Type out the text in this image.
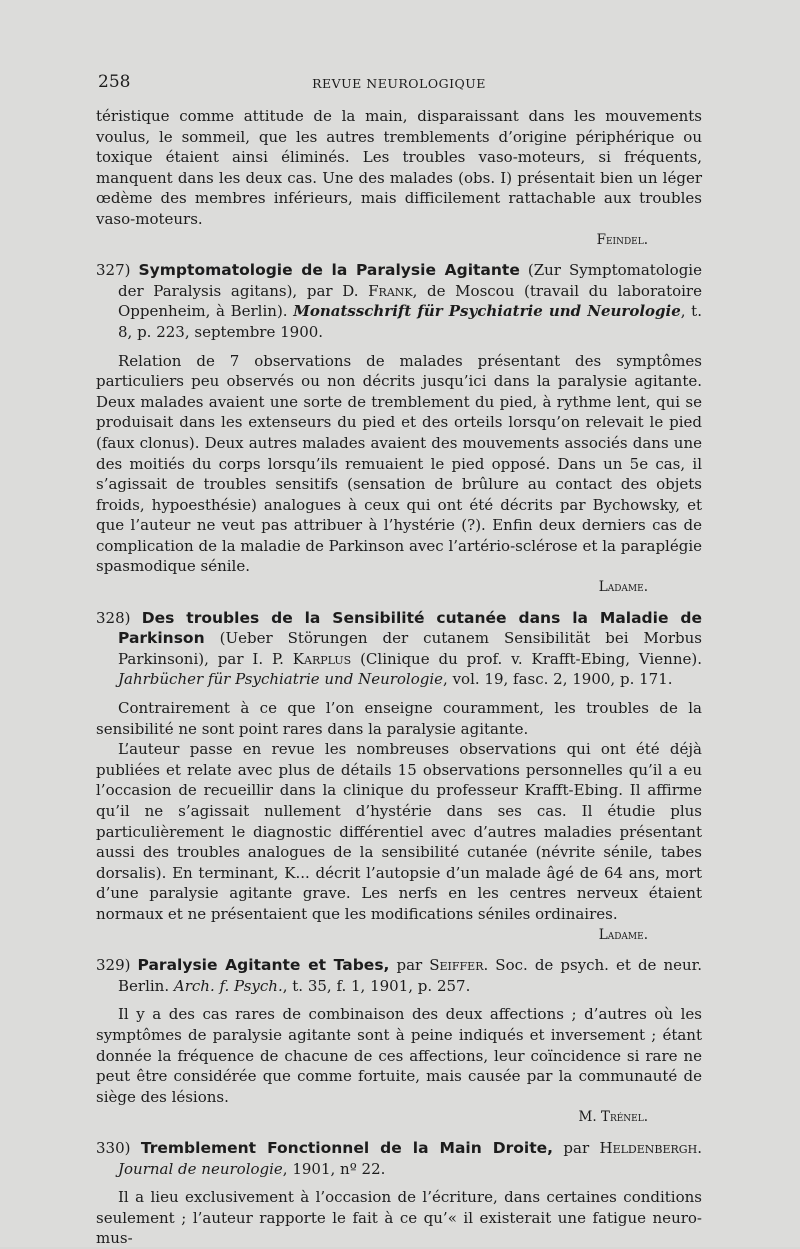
258	REVUE NEUROLOGIQUE

téristique comme attitude de la main, disparaissant dans les mouvements voulus, le sommeil, que les autres tremblements d’origine périphérique ou toxique étaient ainsi éliminés. Les troubles vaso-moteurs, si fréquents, manquent dans les deux cas. Une des malades (obs. I) présentait bien un léger œdème des membres inférieurs, mais difficilement rattachable aux troubles vaso-moteurs.

Feindel.

327) Symptomatologie de la Paralysie Agitante (Zur Symptomatologie der Paralysis agitans), par D. Frank, de Moscou (travail du laboratoire Oppenheim, à Berlin). Monatsschrift für Psychiatrie und Neurologie, t. 8, p. 223, septembre 1900.

Relation de 7 observations de malades présentant des symptômes particuliers peu observés ou non décrits jusqu’ici dans la paralysie agitante. Deux malades avaient une sorte de tremblement du pied, à rythme lent, qui se produisait dans les extenseurs du pied et des orteils lorsqu’on relevait le pied (faux clonus). Deux autres malades avaient des mouvements associés dans une des moitiés du corps lorsqu’ils remuaient le pied opposé. Dans un 5e cas, il s’agissait de troubles sensitifs (sensation de brûlure au contact des objets froids, hypoesthésie) analogues à ceux qui ont été décrits par Bychowsky, et que l’auteur ne veut pas attribuer à l’hystérie (?). Enfin deux derniers cas de complication de la maladie de Parkinson avec l’artério-sclérose et la paraplégie spasmodique sénile.

Ladame.

328) Des troubles de la Sensibilité cutanée dans la Maladie de Parkinson (Ueber Störungen der cutanem Sensibilität bei Morbus Parkinsoni), par I. P. Karplus (Clinique du prof. v. Krafft-Ebing, Vienne). Jahrbücher für Psychiatrie und Neurologie, vol. 19, fasc. 2, 1900, p. 171.

Contrairement à ce que l’on enseigne couramment, les troubles de la sensibilité ne sont point rares dans la paralysie agitante.

L’auteur passe en revue les nombreuses observations qui ont été déjà publiées et relate avec plus de détails 15 observations personnelles qu’il a eu l’occasion de recueillir dans la clinique du professeur Krafft-Ebing. Il affirme qu’il ne s’agissait nullement d’hystérie dans ses cas. Il étudie plus particulièrement le diagnostic différentiel avec d’autres maladies présentant aussi des troubles analogues de la sensibilité cutanée (névrite sénile, tabes dorsalis). En terminant, K... décrit l’autopsie d’un malade âgé de 64 ans, mort d’une paralysie agitante grave. Les nerfs en les centres nerveux étaient normaux et ne présentaient que les modifications séniles ordinaires.

Ladame.

329) Paralysie Agitante et Tabes, par Seiffer. Soc. de psych. et de neur. Berlin. Arch. f. Psych., t. 35, f. 1, 1901, p. 257.

Il y a des cas rares de combinaison des deux affections ; d’autres où les symptômes de paralysie agitante sont à peine indiqués et inversement ; étant donnée la fréquence de chacune de ces affections, leur coïncidence si rare ne peut être considérée que comme fortuite, mais causée par la communauté de siège des lésions.

M. Trénel.

330) Tremblement Fonctionnel de la Main Droite, par Heldenbergh. Journal de neurologie, 1901, nº 22.

Il a lieu exclusivement à l’occasion de l’écriture, dans certaines conditions seulement ; l’auteur rapporte le fait à ce qu’« il existerait une fatigue neuro-mus-
